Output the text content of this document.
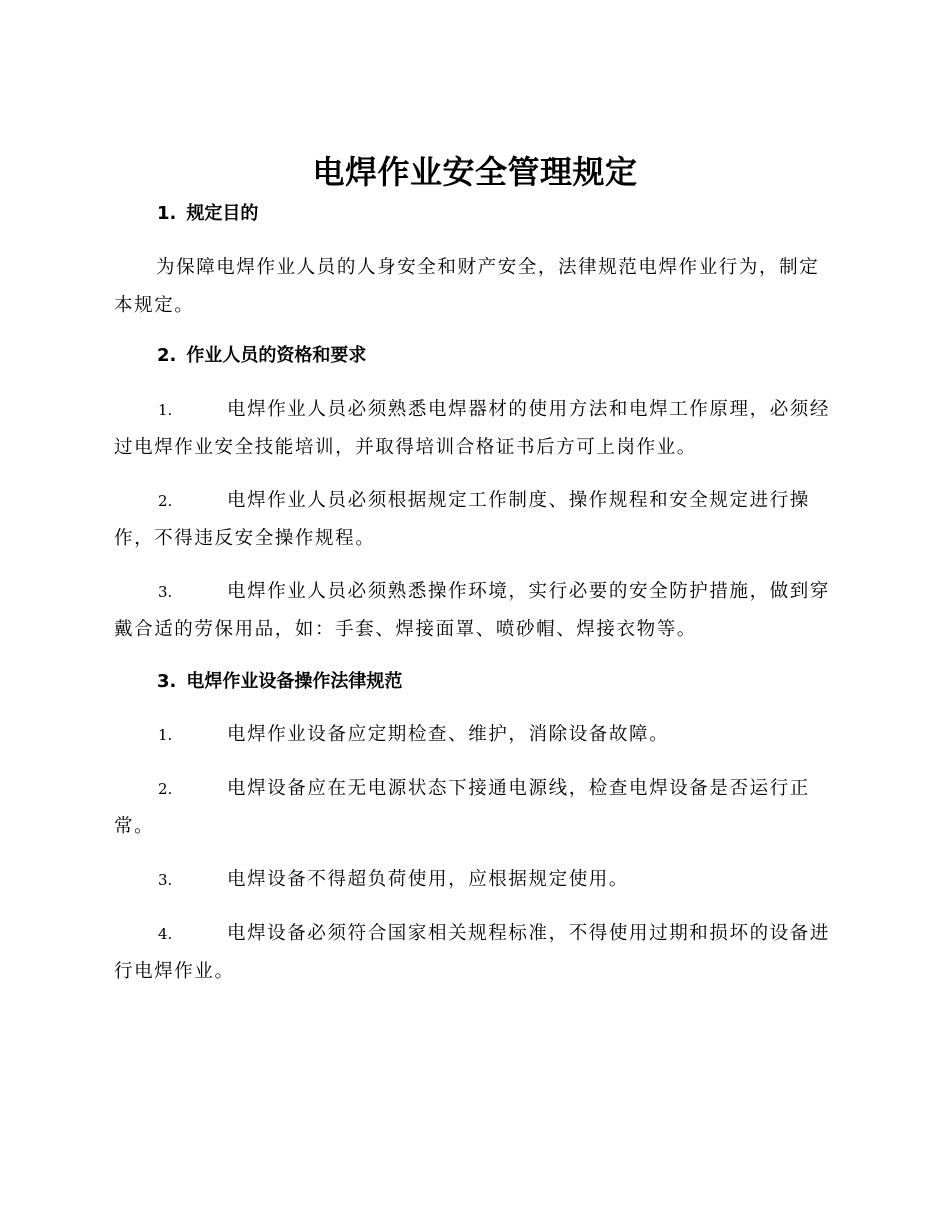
电焊作业安全管理规定
1. 规定目的
为保障电焊作业人员的人身安全和财产安全，法律规范电焊作业行为，制定本规定。
2. 作业人员的资格和要求
1.	电焊作业人员必须熟悉电焊器材的使用方法和电焊工作原理，必须经过电焊作业安全技能培训，并取得培训合格证书后方可上岗作业。
2.	电焊作业人员必须根据规定工作制度、操作规程和安全规定进行操作，不得违反安全操作规程。
3.	电焊作业人员必须熟悉操作环境，实行必要的安全防护措施，做到穿戴合适的劳保用品，如：手套、焊接面罩、喷砂帽、焊接衣物等。
3. 电焊作业设备操作法律规范
1.	电焊作业设备应定期检查、维护，消除设备故障。
2.	电焊设备应在无电源状态下接通电源线，检查电焊设备是否运行正常。
3.	电焊设备不得超负荷使用，应根据规定使用。
4.	电焊设备必须符合国家相关规程标准，不得使用过期和损坏的设备进行电焊作业。
